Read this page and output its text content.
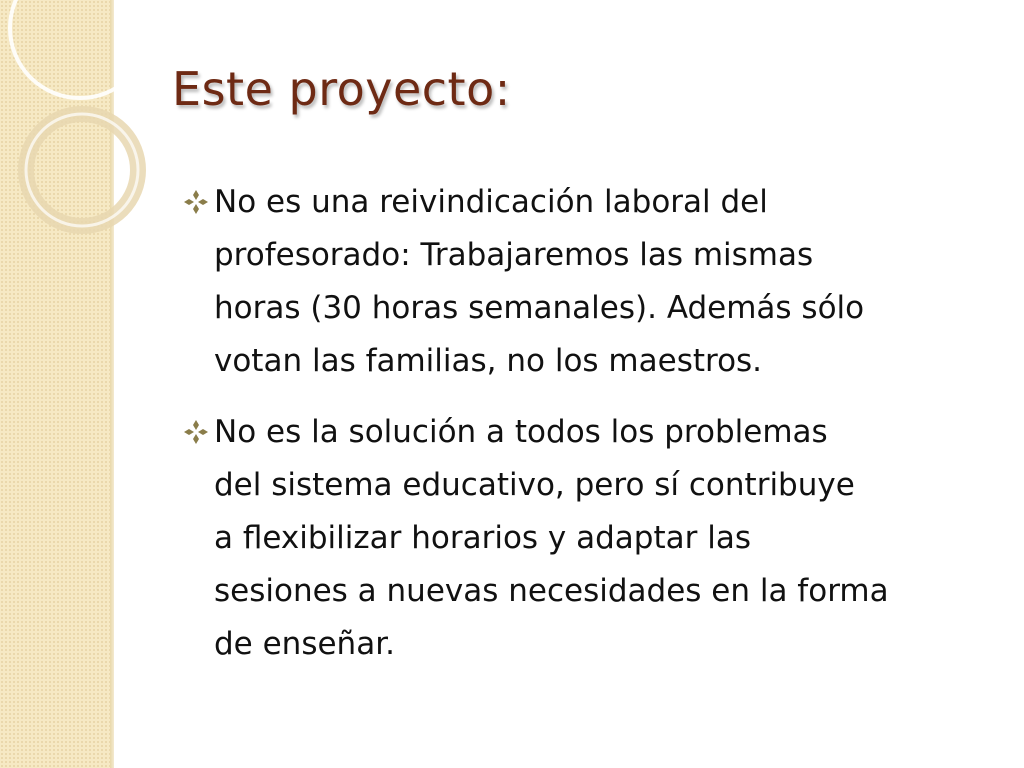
Este proyecto:
No es una reivindicación laboral del
profesorado: Trabajaremos las mismas
horas (30 horas semanales). Además sólo
votan las familias, no los maestros.
No es la solución a todos los problemas
del sistema educativo, pero sí contribuye
a flexibilizar horarios y adaptar las
sesiones a nuevas necesidades en la forma
de enseñar.
